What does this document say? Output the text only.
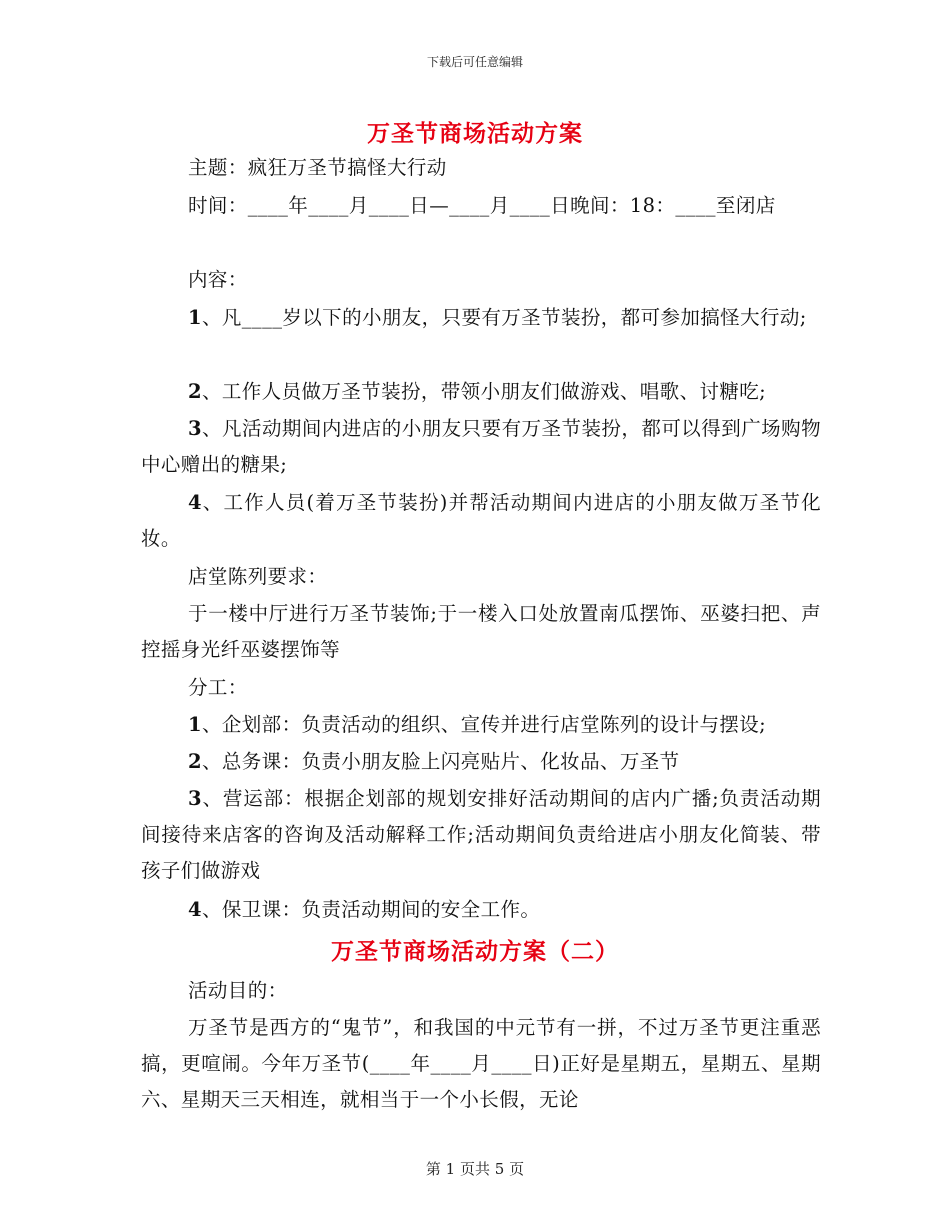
下载后可任意编辑
万圣节商场活动方案
主题：疯狂万圣节搞怪大行动
时间：____年____月____日—____月____日晚间：18：____至闭店
内容：
1、凡____岁以下的小朋友，只要有万圣节装扮，都可参加搞怪大行动;
2、工作人员做万圣节装扮，带领小朋友们做游戏、唱歌、讨糖吃;
3、凡活动期间内进店的小朋友只要有万圣节装扮，都可以得到广场购物中心赠出的糖果;
4、工作人员(着万圣节装扮)并帮活动期间内进店的小朋友做万圣节化妆。
店堂陈列要求：
于一楼中厅进行万圣节装饰;于一楼入口处放置南瓜摆饰、巫婆扫把、声控摇身光纤巫婆摆饰等
分工：
1、企划部：负责活动的组织、宣传并进行店堂陈列的设计与摆设;
2、总务课：负责小朋友脸上闪亮贴片、化妆品、万圣节
3、营运部：根据企划部的规划安排好活动期间的店内广播;负责活动期间接待来店客的咨询及活动解释工作;活动期间负责给进店小朋友化简装、带孩子们做游戏
4、保卫课：负责活动期间的安全工作。
万圣节商场活动方案（二）
活动目的：
万圣节是西方的“鬼节”，和我国的中元节有一拼，不过万圣节更注重恶搞，更喧闹。今年万圣节(____年____月____日)正好是星期五，星期五、星期六、星期天三天相连，就相当于一个小长假，无论
第 1 页共 5 页
